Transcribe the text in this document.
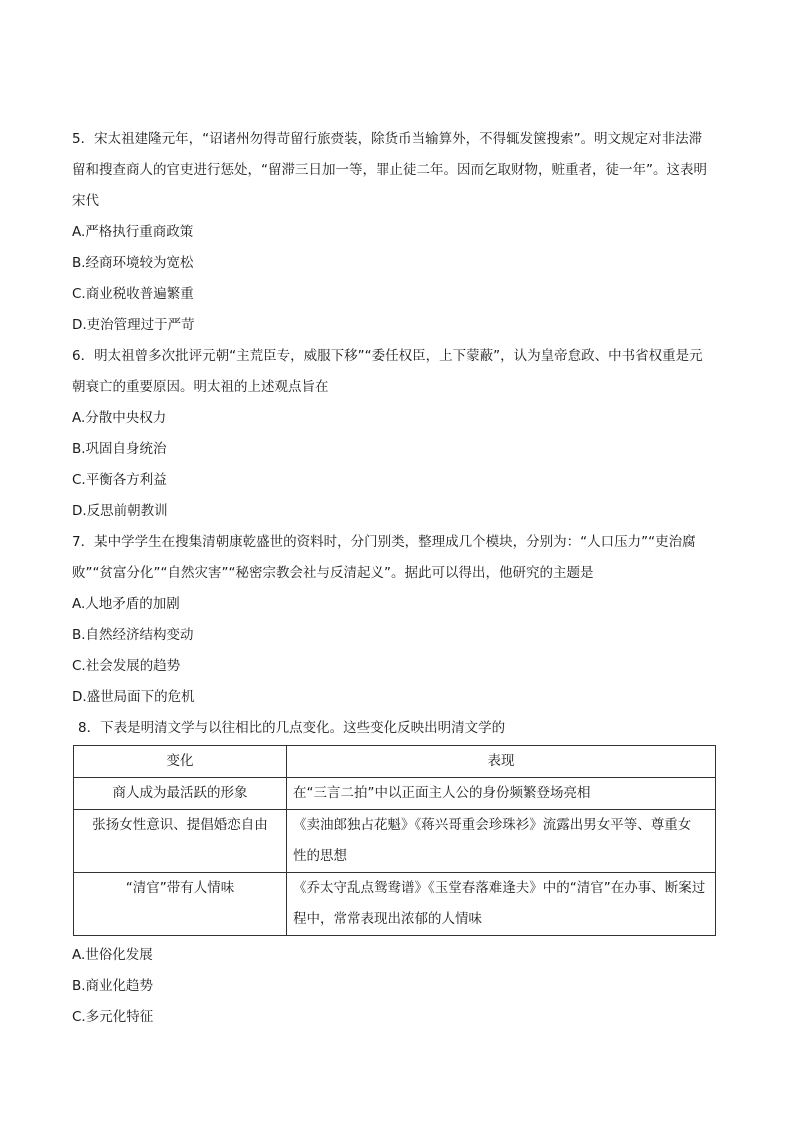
5．宋太祖建隆元年，“诏诸州勿得苛留行旅赍装，除货币当输算外，不得辄发箧搜索”。明文规定对非法滞
留和搜查商人的官吏进行惩处，“留滞三日加一等，罪止徒二年。因而乞取财物，赃重者，徒一年”。这表明
宋代
A.严格执行重商政策
B.经商环境较为宽松
C.商业税收普遍繁重
D.吏治管理过于严苛
6．明太祖曾多次批评元朝“主荒臣专，威服下移”“委任权臣，上下蒙蔽”，认为皇帝怠政、中书省权重是元
朝衰亡的重要原因。明太祖的上述观点旨在
A.分散中央权力
B.巩固自身统治
C.平衡各方利益
D.反思前朝教训
7．某中学学生在搜集清朝康乾盛世的资料时，分门别类，整理成几个模块，分别为：“人口压力”“吏治腐
败”“贫富分化”“自然灾害”“秘密宗教会社与反清起义”。据此可以得出，他研究的主题是
A.人地矛盾的加剧
B.自然经济结构变动
C.社会发展的趋势
D.盛世局面下的危机
8．下表是明清文学与以往相比的几点变化。这些变化反映出明清文学的
变化	表现
商人成为最活跃的形象	在“三言二拍”中以正面主人公的身份频繁登场亮相

张扬女性意识、提倡婚恋自由	《卖油郎独占花魁》《蒋兴哥重会珍珠衫》流露出男女平等、尊重女
性的思想

“清官”带有人情味	《乔太守乱点鸳鸯谱》《玉堂春落难逢夫》中的“清官”在办事、断案过
程中，常常表现出浓郁的人情味
A.世俗化发展
B.商业化趋势
C.多元化特征
